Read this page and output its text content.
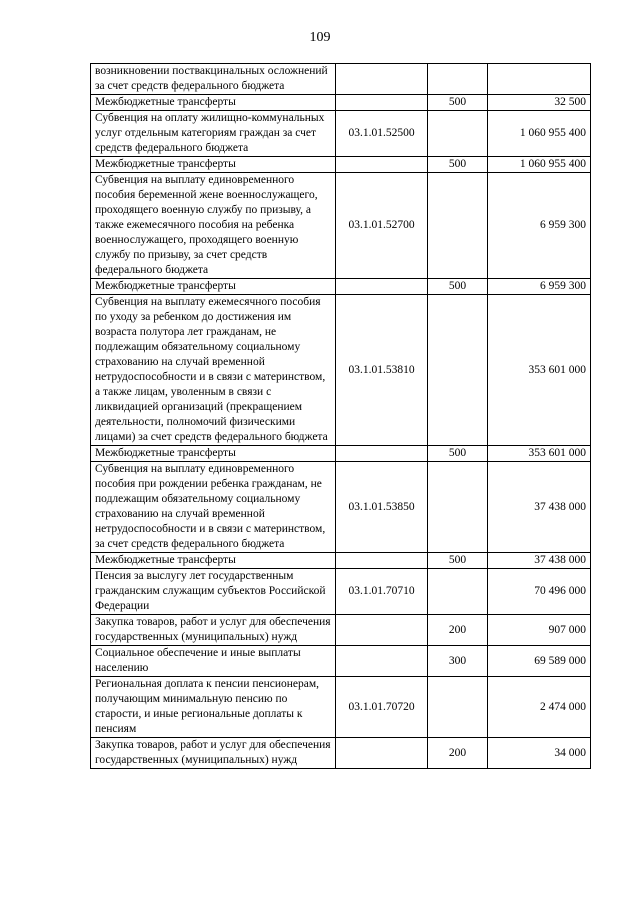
109
возникновении поствакцинальных осложнений за счет средств федерального бюджета			
Межбюджетные трансферты		500	32 500
Субвенция на оплату жилищно-коммунальных услуг отдельным категориям граждан за счет средств федерального бюджета	03.1.01.52500		1 060 955 400
Межбюджетные трансферты		500	1 060 955 400
Субвенция на выплату единовременного пособия беременной жене военнослужащего, проходящего военную службу по призыву, а также ежемесячного пособия на ребенка военнослужащего, проходящего военную службу по призыву, за счет средств федерального бюджета	03.1.01.52700		6 959 300
Межбюджетные трансферты		500	6 959 300
Субвенция на выплату ежемесячного пособия по уходу за ребенком до достижения им возраста полутора лет гражданам, не подлежащим обязательному социальному страхованию на случай временной нетрудоспособности и в связи с материнством, а также лицам, уволенным в связи с ликвидацией организаций (прекращением деятельности, полномочий физическими лицами) за счет средств федерального бюджета	03.1.01.53810		353 601 000
Межбюджетные трансферты		500	353 601 000
Субвенция на выплату единовременного пособия при рождении ребенка гражданам, не подлежащим обязательному социальному страхованию на случай временной нетрудоспособности и в связи с материнством, за счет средств федерального бюджета	03.1.01.53850		37 438 000
Межбюджетные трансферты		500	37 438 000
Пенсия за выслугу лет государственным гражданским служащим субъектов Российской Федерации	03.1.01.70710		70 496 000
Закупка товаров, работ и услуг для обеспечения государственных (муниципальных) нужд		200	907 000
Социальное обеспечение и иные выплаты населению		300	69 589 000
Региональная доплата к пенсии пенсионерам, получающим минимальную пенсию по старости, и иные региональные доплаты к пенсиям	03.1.01.70720		2 474 000
Закупка товаров, работ и услуг для обеспечения государственных (муниципальных) нужд		200	34 000
